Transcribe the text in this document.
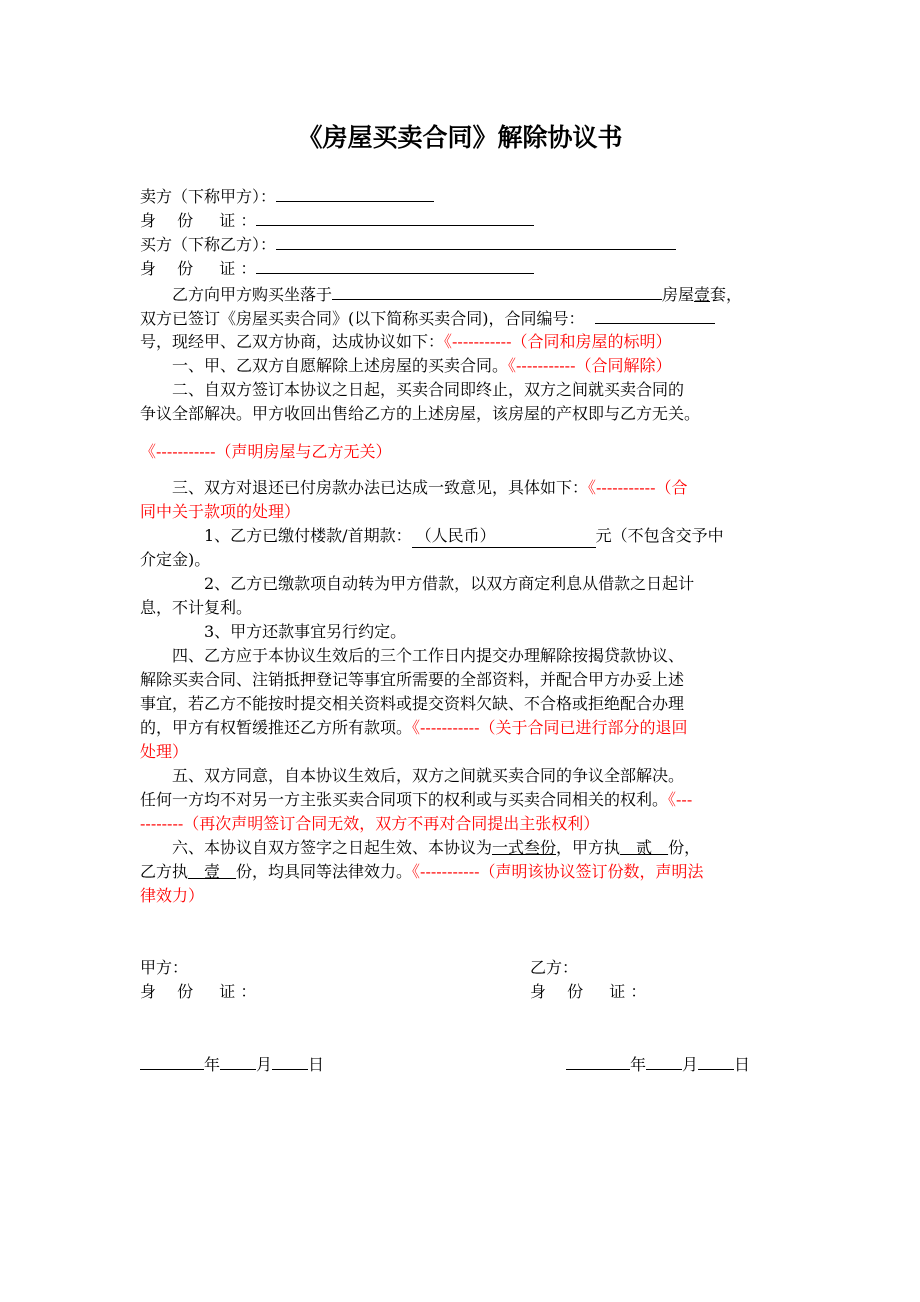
《房屋买卖合同》解除协议书
卖方（下称甲方）：
身　 份　  证 ：
买方（下称乙方）：
身　 份　  证 ：
乙方向甲方购买坐落于	房屋壹套，
双方已签订《房屋买卖合同》(以下简称买卖合同)，合同编号：
号，现经甲、乙双方协商，达成协议如下：《-----------（合同和房屋的标明）
一、甲、乙双方自愿解除上述房屋的买卖合同。《-----------（合同解除）
二、自双方签订本协议之日起，买卖合同即终止，双方之间就买卖合同的
争议全部解决。甲方收回出售给乙方的上述房屋，该房屋的产权即与乙方无关。
《-----------（声明房屋与乙方无关）
三、双方对退还已付房款办法已达成一致意见，具体如下：《-----------（合
同中关于款项的处理）
1、乙方已缴付楼款/首期款： （人民币）	元（不包含交予中
介定金)。
2、乙方已缴款项自动转为甲方借款，以双方商定利息从借款之日起计
息，不计复利。
3、甲方还款事宜另行约定。
四、乙方应于本协议生效后的三个工作日内提交办理解除按揭贷款协议、
解除买卖合同、注销抵押登记等事宜所需要的全部资料，并配合甲方办妥上述
事宜，若乙方不能按时提交相关资料或提交资料欠缺、不合格或拒绝配合办理
的，甲方有权暂缓推还乙方所有款项。《-----------（关于合同已进行部分的退回
处理）
五、双方同意，自本协议生效后，双方之间就买卖合同的争议全部解决。
任何一方均不对另一方主张买卖合同项下的权利或与买卖合同相关的权利。《---
--------（再次声明签订合同无效，双方不再对合同提出主张权利）
六、本协议自双方签字之日起生效、本协议为一式叁份，甲方执　贰　份，
乙方执　壹　份，均具同等法律效力。《-----------（声明该协议签订份数，声明法
律效力）
甲方：	乙方：
身　 份　  证 ：	身　 份　  证 ：
年 月 日	年 月 日
